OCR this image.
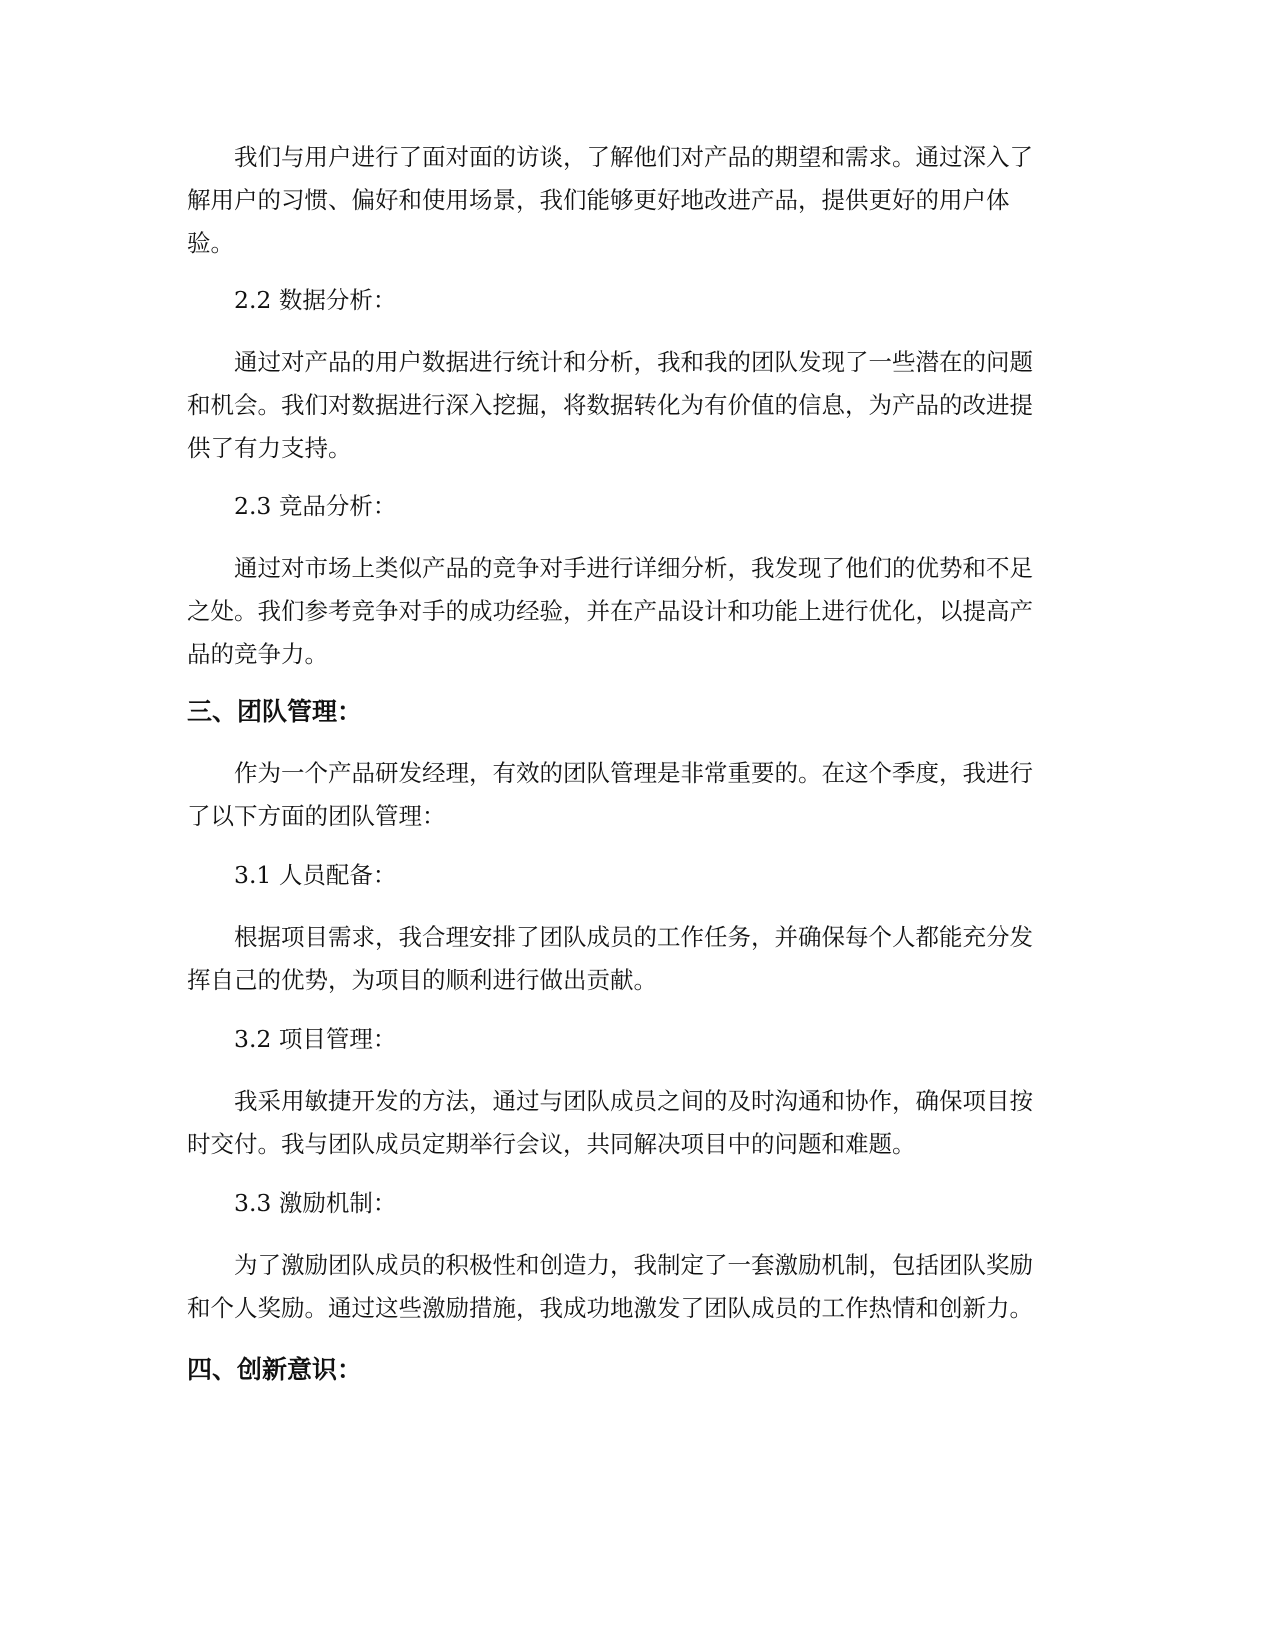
我们与用户进行了面对面的访谈，了解他们对产品的期望和需求。通过深入了
解用户的习惯、偏好和使用场景，我们能够更好地改进产品，提供更好的用户体
验。
2.2 数据分析：
通过对产品的用户数据进行统计和分析，我和我的团队发现了一些潜在的问题
和机会。我们对数据进行深入挖掘，将数据转化为有价值的信息，为产品的改进提
供了有力支持。
2.3 竞品分析：
通过对市场上类似产品的竞争对手进行详细分析，我发现了他们的优势和不足
之处。我们参考竞争对手的成功经验，并在产品设计和功能上进行优化，以提高产
品的竞争力。
三、团队管理：
作为一个产品研发经理，有效的团队管理是非常重要的。在这个季度，我进行
了以下方面的团队管理：
3.1 人员配备：
根据项目需求，我合理安排了团队成员的工作任务，并确保每个人都能充分发
挥自己的优势，为项目的顺利进行做出贡献。
3.2 项目管理：
我采用敏捷开发的方法，通过与团队成员之间的及时沟通和协作，确保项目按
时交付。我与团队成员定期举行会议，共同解决项目中的问题和难题。
3.3 激励机制：
为了激励团队成员的积极性和创造力，我制定了一套激励机制，包括团队奖励
和个人奖励。通过这些激励措施，我成功地激发了团队成员的工作热情和创新力。
四、创新意识：
